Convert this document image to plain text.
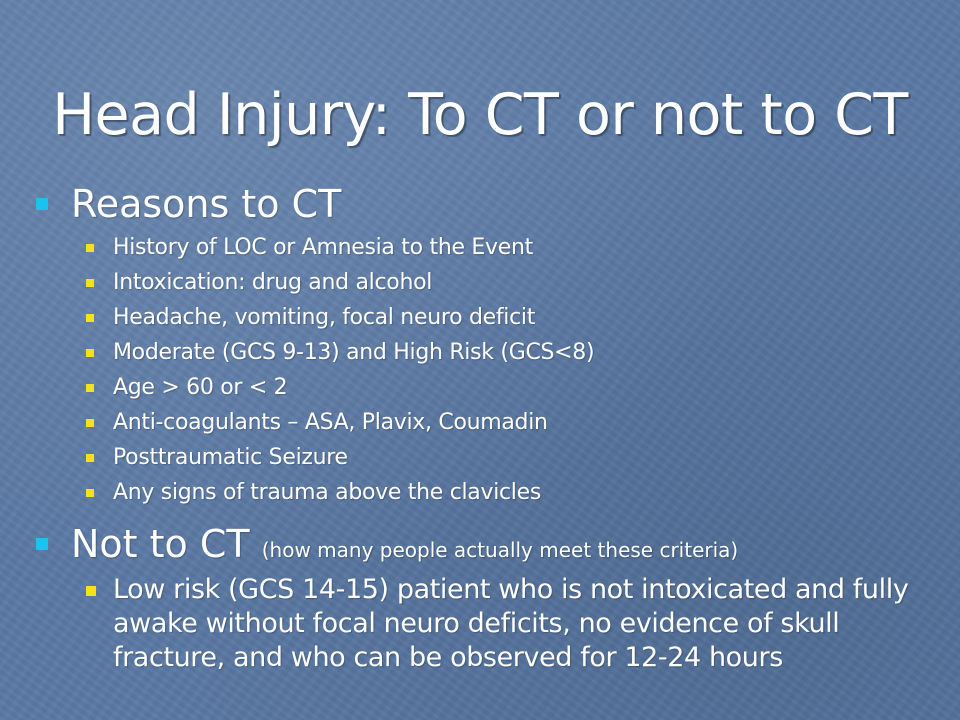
Head Injury: To CT or not to CT
Reasons to CT
History of LOC or Amnesia to the Event
Intoxication: drug and alcohol
Headache, vomiting, focal neuro deficit
Moderate (GCS 9-13) and High Risk (GCS<8)
Age > 60 or < 2
Anti-coagulants – ASA, Plavix, Coumadin
Posttraumatic Seizure
Any signs of trauma above the clavicles
Not to CT (how many people actually meet these criteria)
Low risk (GCS 14-15) patient who is not intoxicated and fully awake without focal neuro deficits, no evidence of skull fracture, and who can be observed for 12-24 hours
